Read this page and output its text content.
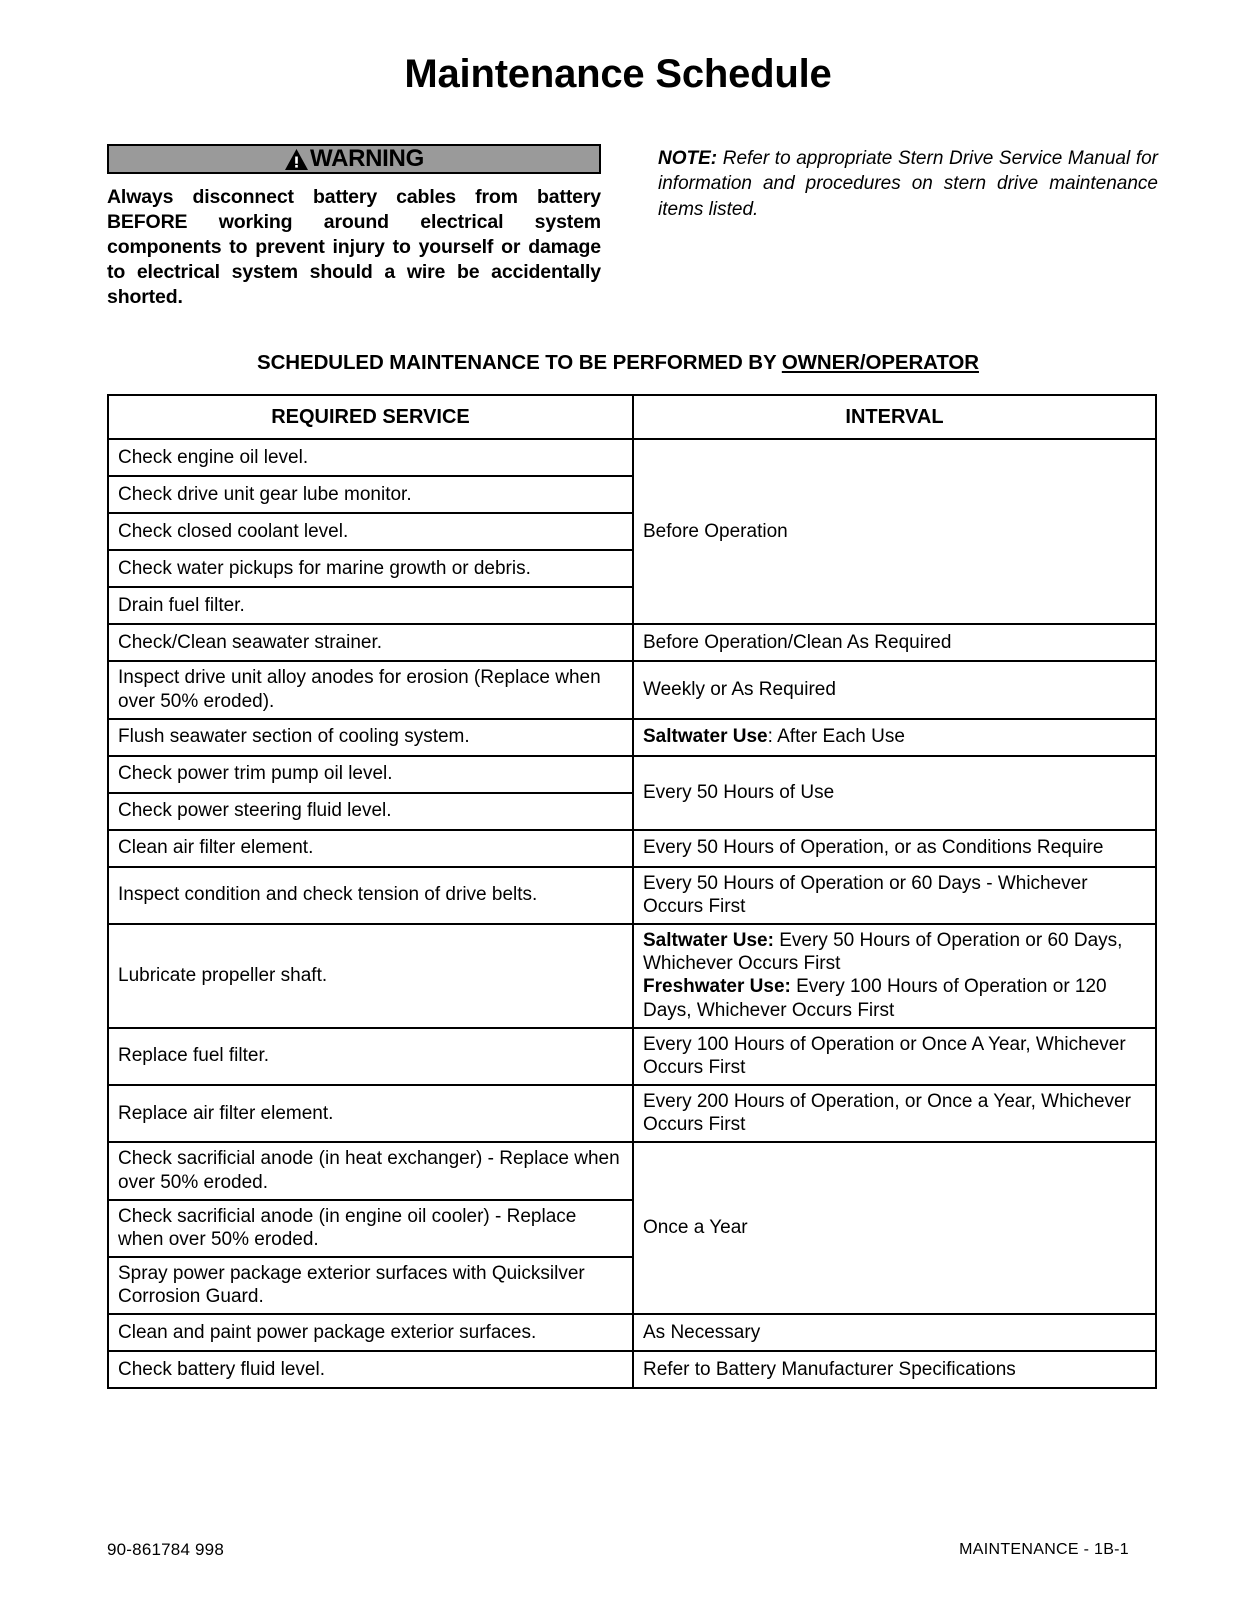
Maintenance Schedule
WARNING
Always disconnect battery cables from battery BEFORE working around electrical system components to prevent injury to yourself or damage to electrical system should a wire be accidentally shorted.
NOTE: Refer to appropriate Stern Drive Service Manual for information and procedures on stern drive maintenance items listed.
SCHEDULED MAINTENANCE TO BE PERFORMED BY OWNER/OPERATOR
REQUIRED SERVICE	INTERVAL
Check engine oil level.	Before Operation
Check drive unit gear lube monitor.	
Check closed coolant level.	
Check water pickups for marine growth or debris.	
Drain fuel filter.	
Check/Clean seawater strainer.	Before Operation/Clean As Required
Inspect drive unit alloy anodes for erosion (Replace when over 50% eroded).	Weekly or As Required
Flush seawater section of cooling system.	Saltwater Use: After Each Use
Check power trim pump oil level.	Every 50 Hours of Use
Check power steering fluid level.	
Clean air filter element.	Every 50 Hours of Operation, or as Conditions Require
Inspect condition and check tension of drive belts.	Every 50 Hours of Operation or 60 Days - Whichever Occurs First
Lubricate propeller shaft.	Saltwater Use: Every 50 Hours of Operation or 60 Days, Whichever Occurs First
Freshwater Use: Every 100 Hours of Operation or 120 Days, Whichever Occurs First
Replace fuel filter.	Every 100 Hours of Operation or Once A Year, Whichever Occurs First
Replace air filter element.	Every 200 Hours of Operation, or Once a Year, Whichever Occurs First
Check sacrificial anode (in heat exchanger) - Replace when over 50% eroded.	Once a Year
Check sacrificial anode (in engine oil cooler) - Replace when over 50% eroded.	
Spray power package exterior surfaces with Quicksilver Corrosion Guard.	
Clean and paint power package exterior surfaces.	As Necessary
Check battery fluid level.	Refer to Battery Manufacturer Specifications
90-861784 998	MAINTENANCE - 1B-1
